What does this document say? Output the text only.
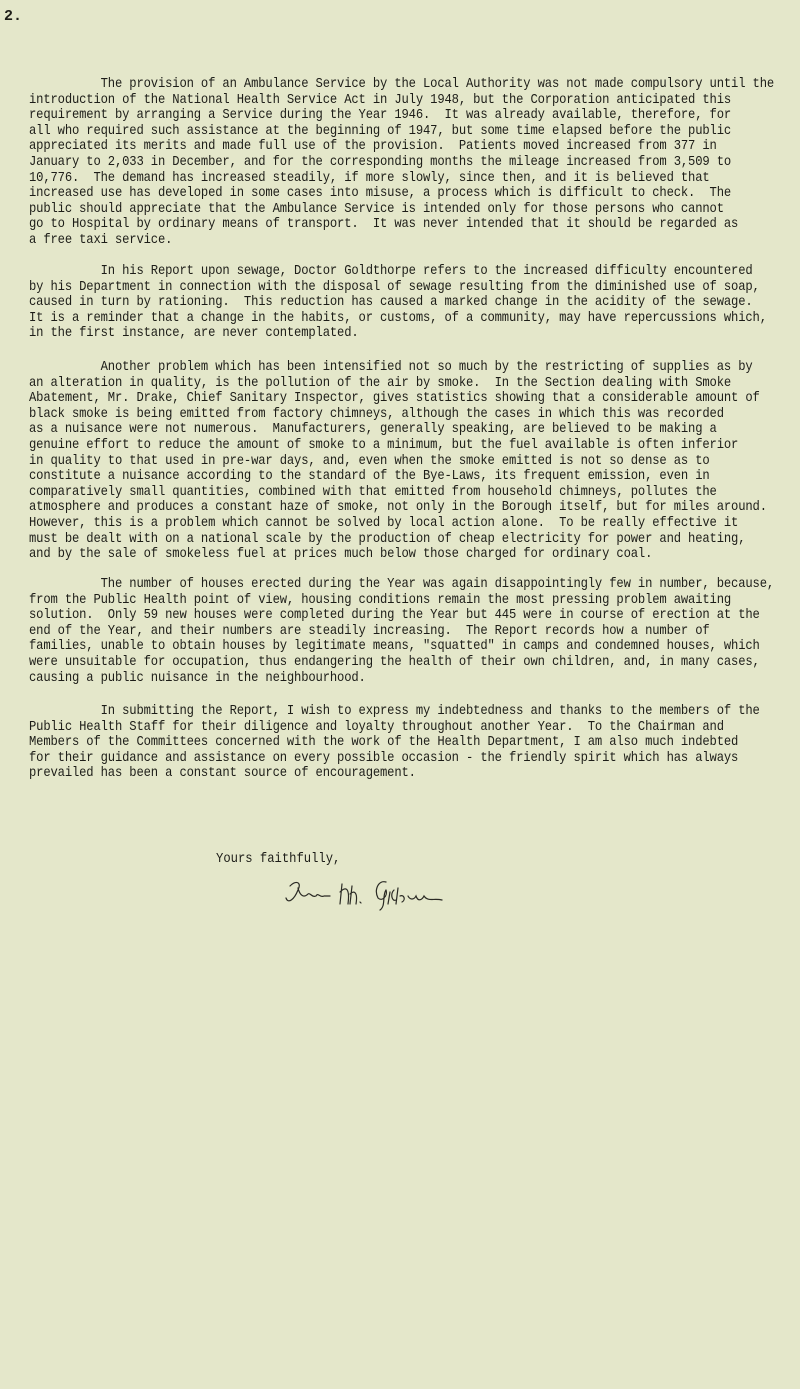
2.
The provision of an Ambulance Service by the Local Authority was not made compulsory until the
introduction of the National Health Service Act in July 1948, but the Corporation anticipated this
requirement by arranging a Service during the Year 1946.  It was already available, therefore, for
all who required such assistance at the beginning of 1947, but some time elapsed before the public
appreciated its merits and made full use of the provision.  Patients moved increased from 377 in
January to 2,033 in December, and for the corresponding months the mileage increased from 3,509 to
10,776.  The demand has increased steadily, if more slowly, since then, and it is believed that
increased use has developed in some cases into misuse, a process which is difficult to check.  The
public should appreciate that the Ambulance Service is intended only for those persons who cannot
go to Hospital by ordinary means of transport.  It was never intended that it should be regarded as
a free taxi service.
In his Report upon sewage, Doctor Goldthorpe refers to the increased difficulty encountered
by his Department in connection with the disposal of sewage resulting from the diminished use of soap,
caused in turn by rationing.  This reduction has caused a marked change in the acidity of the sewage.
It is a reminder that a change in the habits, or customs, of a community, may have repercussions which,
in the first instance, are never contemplated.
Another problem which has been intensified not so much by the restricting of supplies as by
an alteration in quality, is the pollution of the air by smoke.  In the Section dealing with Smoke
Abatement, Mr. Drake, Chief Sanitary Inspector, gives statistics showing that a considerable amount of
black smoke is being emitted from factory chimneys, although the cases in which this was recorded
as a nuisance were not numerous.  Manufacturers, generally speaking, are believed to be making a
genuine effort to reduce the amount of smoke to a minimum, but the fuel available is often inferior
in quality to that used in pre-war days, and, even when the smoke emitted is not so dense as to
constitute a nuisance according to the standard of the Bye-Laws, its frequent emission, even in
comparatively small quantities, combined with that emitted from household chimneys, pollutes the
atmosphere and produces a constant haze of smoke, not only in the Borough itself, but for miles around.
However, this is a problem which cannot be solved by local action alone.  To be really effective it
must be dealt with on a national scale by the production of cheap electricity for power and heating,
and by the sale of smokeless fuel at prices much below those charged for ordinary coal.
The number of houses erected during the Year was again disappointingly few in number, because,
from the Public Health point of view, housing conditions remain the most pressing problem awaiting
solution.  Only 59 new houses were completed during the Year but 445 were in course of erection at the
end of the Year, and their numbers are steadily increasing.  The Report records how a number of
families, unable to obtain houses by legitimate means, "squatted" in camps and condemned houses, which
were unsuitable for occupation, thus endangering the health of their own children, and, in many cases,
causing a public nuisance in the neighbourhood.
In submitting the Report, I wish to express my indebtedness and thanks to the members of the
Public Health Staff for their diligence and loyalty throughout another Year.  To the Chairman and
Members of the Committees concerned with the work of the Health Department, I am also much indebted
for their guidance and assistance on every possible occasion - the friendly spirit which has always
prevailed has been a constant source of encouragement.
Yours faithfully,
